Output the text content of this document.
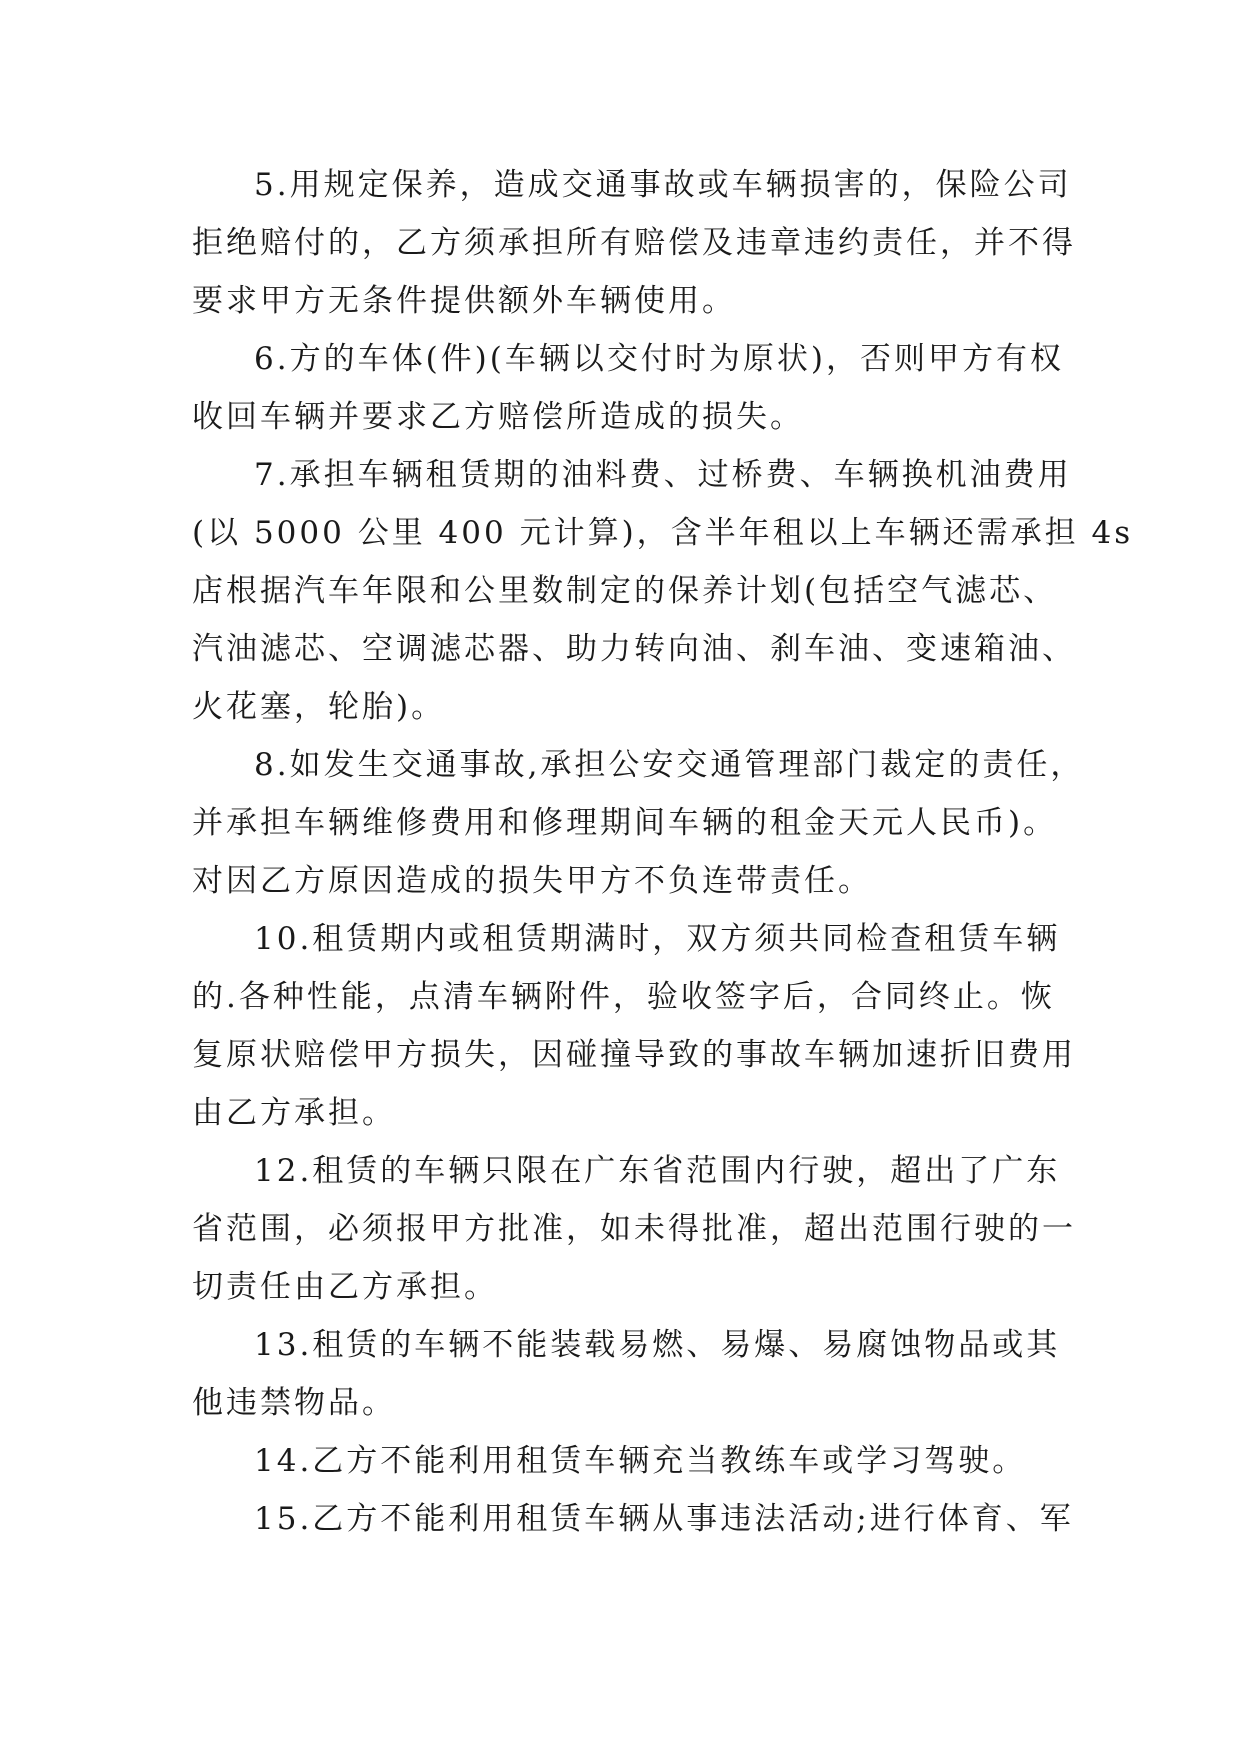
5.用规定保养，造成交通事故或车辆损害的，保险公司
拒绝赔付的，乙方须承担所有赔偿及违章违约责任，并不得
要求甲方无条件提供额外车辆使用。
6.方的车体(件)(车辆以交付时为原状)，否则甲方有权
收回车辆并要求乙方赔偿所造成的损失。
7.承担车辆租赁期的油料费、过桥费、车辆换机油费用
(以 5000 公里 400 元计算)，含半年租以上车辆还需承担 4s
店根据汽车年限和公里数制定的保养计划(包括空气滤芯、
汽油滤芯、空调滤芯器、助力转向油、刹车油、变速箱油、
火花塞，轮胎)。
8.如发生交通事故,承担公安交通管理部门裁定的责任，
并承担车辆维修费用和修理期间车辆的租金天元人民币)。
对因乙方原因造成的损失甲方不负连带责任。
10.租赁期内或租赁期满时，双方须共同检查租赁车辆
的.各种性能，点清车辆附件，验收签字后，合同终止。恢
复原状赔偿甲方损失，因碰撞导致的事故车辆加速折旧费用
由乙方承担。
12.租赁的车辆只限在广东省范围内行驶，超出了广东
省范围，必须报甲方批准，如未得批准，超出范围行驶的一
切责任由乙方承担。
13.租赁的车辆不能装载易燃、易爆、易腐蚀物品或其
他违禁物品。
14.乙方不能利用租赁车辆充当教练车或学习驾驶。
15.乙方不能利用租赁车辆从事违法活动;进行体育、军
